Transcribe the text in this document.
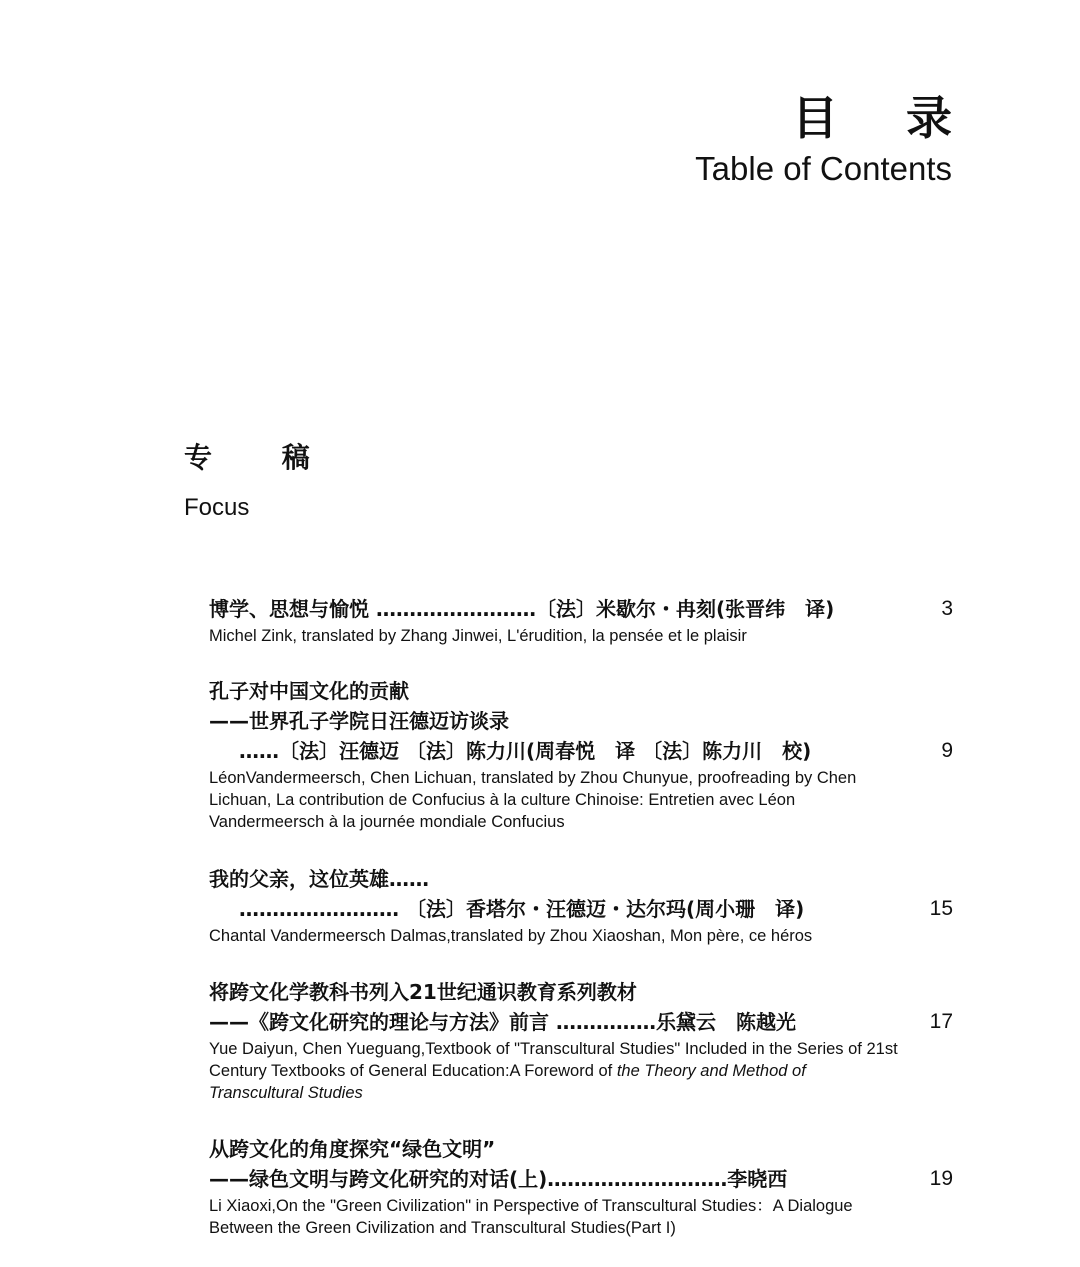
目 录
Table of Contents
专 稿
Focus
博学、思想与愉悦 ……………………〔法〕米歇尔・冉刻(张晋纬　译)	3
Michel Zink, translated by Zhang Jinwei, L'érudition, la pensée et le plaisir
孔子对中国文化的贡献
——世界孔子学院日汪德迈访谈录
……〔法〕汪德迈 〔法〕陈力川(周春悦　译 〔法〕陈力川　校)	9
LéonVandermeersch, Chen Lichuan, translated by Zhou Chunyue, proofreading by Chen Lichuan, La contribution de Confucius à la culture Chinoise: Entretien avec Léon Vandermeersch à la journée mondiale Confucius
我的父亲，这位英雄……
…………………… 〔法〕香塔尔・汪德迈・达尔玛(周小珊　译)	15
Chantal Vandermeersch Dalmas,translated by Zhou Xiaoshan, Mon père, ce héros
将跨文化学教科书列入21世纪通识教育系列教材
——《跨文化研究的理论与方法》前言 ……………乐黛云　陈越光	17
Yue Daiyun, Chen Yueguang,Textbook of "Transcultural Studies" Included in the Series of 21st Century Textbooks of General Education:A Foreword of the Theory and Method of Transcultural Studies
从跨文化的角度探究“绿色文明”
——绿色文明与跨文化研究的对话(上)………………………李晓西	19
Li Xiaoxi,On the "Green Civilization" in Perspective of Transcultural Studies：A Dialogue Between the Green Civilization and Transcultural Studies(Part I)
